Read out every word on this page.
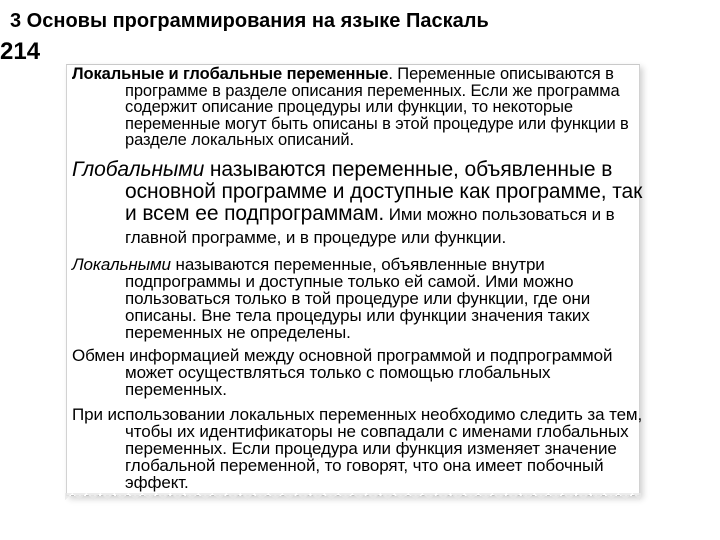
3 Основы программирования на языке Паскаль
214

Локальные и глобальные переменные. Переменные описываются в программе в разделе описания переменных. Если же программа содержит описание процедуры или функции, то некоторые переменные могут быть описаны в этой процедуре или функции в разделе локальных описаний.

Глобальными называются переменные, объявленные в основной программе и доступные как программе, так и всем ее подпрограммам. Ими можно пользоваться и в главной программе, и в процедуре или функции.

Локальными называются переменные, объявленные внутри подпрограммы и доступные только ей самой. Ими можно пользоваться только в той процедуре или функции, где они описаны. Вне тела процедуры или функции значения таких переменных не определены.

Обмен информацией между основной программой и подпрограммой может осуществляться только с помощью глобальных переменных.

При использовании локальных переменных необходимо следить за тем, чтобы их идентификаторы не совпадали с именами глобальных переменных. Если процедура или функция изменяет значение глобальной переменной, то говорят, что она имеет побочный эффект.
